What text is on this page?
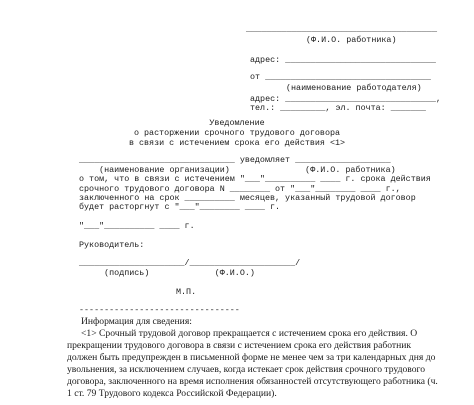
______________________________________
(Ф.И.О. работника)
адрес: ______________________________
от _________________________________
(наименование работодателя)
адрес: ______________________________,
тел.: _________, эл. почта: _______
Уведомление
о расторжении срочного трудового договора
в связи с истечением срока его действия <1>
_______________________________ уведомляет ___________________
(наименование организации)               (Ф.И.О. работника)
о том, что в связи с истечением "___"__________ ____ г. срока действия
срочного трудового договора N ________ от "___"________ ____ г.,
заключенного на срок __________ месяцев, указанный трудовой договор
будет расторгнут с "___"________ ____ г.
"___"__________ ____ г.
Руководитель:
_____________________/_____________________/
(подпись)             (Ф.И.О.)
М.П.
--------------------------------
Информация для сведения:
<1> Срочный трудовой договор прекращается с истечением срока его действия. О
прекращении трудового договора в связи с истечением срока его действия работник
должен быть предупрежден в письменной форме не менее чем за три календарных дня до
увольнения, за исключением случаев, когда истекает срок действия срочного трудового
договора, заключенного на время исполнения обязанностей отсутствующего работника (ч.
1 ст. 79 Трудового кодекса Российской Федерации).
